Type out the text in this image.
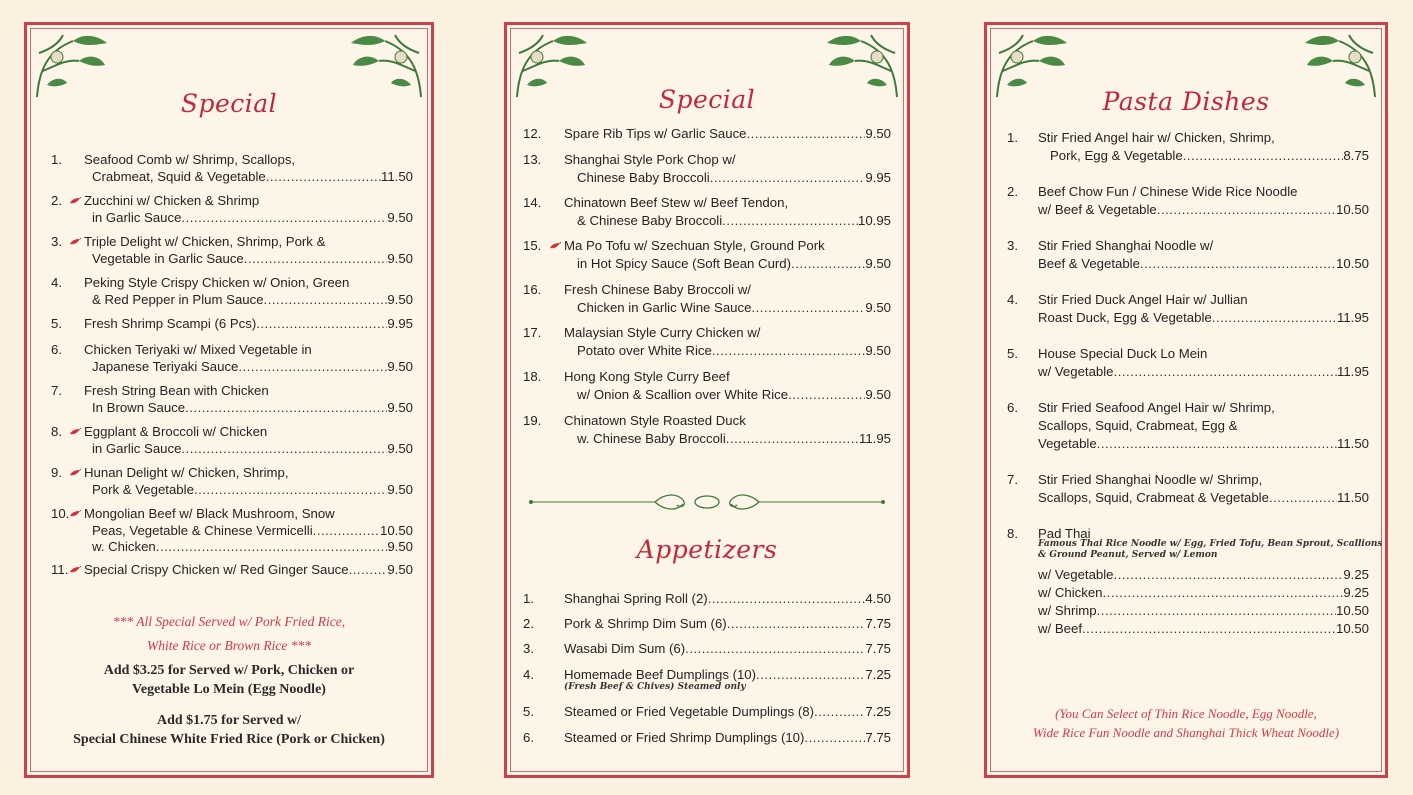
Special
1. Seafood Comb w/ Shrimp, Scallops,
Crabmeat, Squid & Vegetable .....	11.50
2. Zucchini w/ Chicken & Shrimp
in Garlic Sauce .....	9.50
3. Triple Delight w/ Chicken, Shrimp, Pork &
Vegetable in Garlic Sauce .....	9.50
4. Peking Style Crispy Chicken w/ Onion, Green
& Red Pepper in Plum Sauce .....	9.50
5. Fresh Shrimp Scampi (6 Pcs) .....	9.95
6. Chicken Teriyaki w/ Mixed Vegetable in
Japanese Teriyaki Sauce .....	9.50
7. Fresh String Bean with Chicken
In Brown Sauce .....	9.50
8. Eggplant & Broccoli w/ Chicken
in Garlic Sauce .....	9.50
9. Hunan Delight w/ Chicken, Shrimp,
Pork & Vegetable .....	9.50
10. Mongolian Beef w/ Black Mushroom, Snow
Peas, Vegetable & Chinese Vermicelli .....	10.50
w. Chicken .....	9.50
11. Special Crispy Chicken w/ Red Ginger Sauce .....	9.50
*** All Special Served w/ Pork Fried Rice,
White Rice or Brown Rice ***
Add $3.25 for Served w/ Pork, Chicken or
Vegetable Lo Mein (Egg Noodle)
Add $1.75 for Served w/
Special Chinese White Fried Rice (Pork or Chicken)
Special
12. Spare Rib Tips w/ Garlic Sauce .....	9.50
13. Shanghai Style Pork Chop w/
Chinese Baby Broccoli .....	9.95
14. Chinatown Beef Stew w/ Beef Tendon,
& Chinese Baby Broccoli .....	10.95
15. Ma Po Tofu w/ Szechuan Style, Ground Pork
in Hot Spicy Sauce (Soft Bean Curd) .....	9.50
16. Fresh Chinese Baby Broccoli w/
Chicken in Garlic Wine Sauce .....	9.50
17. Malaysian Style Curry Chicken w/
Potato over White Rice .....	9.50
18. Hong Kong Style Curry Beef
w/ Onion & Scallion over White Rice .....	9.50
19. Chinatown Style Roasted Duck
w. Chinese Baby Broccoli .....	11.95
Appetizers
1. Shanghai Spring Roll (2) .....	4.50
2. Pork & Shrimp Dim Sum (6) .....	7.75
3. Wasabi Dim Sum (6) .....	7.75
4. Homemade Beef Dumplings (10) .....	7.25
(Fresh Beef & Chives) Steamed only
5. Steamed or Fried Vegetable Dumplings (8) .....	7.25
6. Steamed or Fried Shrimp Dumplings (10) .....	7.75
Pasta Dishes
1. Stir Fried Angel hair w/ Chicken, Shrimp,
Pork, Egg & Vegetable .....	8.75
2. Beef Chow Fun / Chinese Wide Rice Noodle
w/ Beef & Vegetable .....	10.50
3. Stir Fried Shanghai Noodle w/
Beef & Vegetable .....	10.50
4. Stir Fried Duck Angel Hair w/ Jullian
Roast Duck, Egg & Vegetable .....	11.95
5. House Special Duck Lo Mein
w/ Vegetable .....	11.95
6. Stir Fried Seafood Angel Hair w/ Shrimp,
Scallops, Squid, Crabmeat, Egg &
Vegetable .....	11.50
7. Stir Fried Shanghai Noodle w/ Shrimp,
Scallops, Squid, Crabmeat & Vegetable .....	11.50
8. Pad Thai
Famous Thai Rice Noodle w/ Egg, Fried Tofu, Bean Sprout, Scallions
& Ground Peanut, Served w/ Lemon
w/ Vegetable .....	9.25
w/ Chicken .....	9.25
w/ Shrimp .....	10.50
w/ Beef .....	10.50
(You Can Select of Thin Rice Noodle, Egg Noodle,
Wide Rice Fun Noodle and Shanghai Thick Wheat Noodle)
